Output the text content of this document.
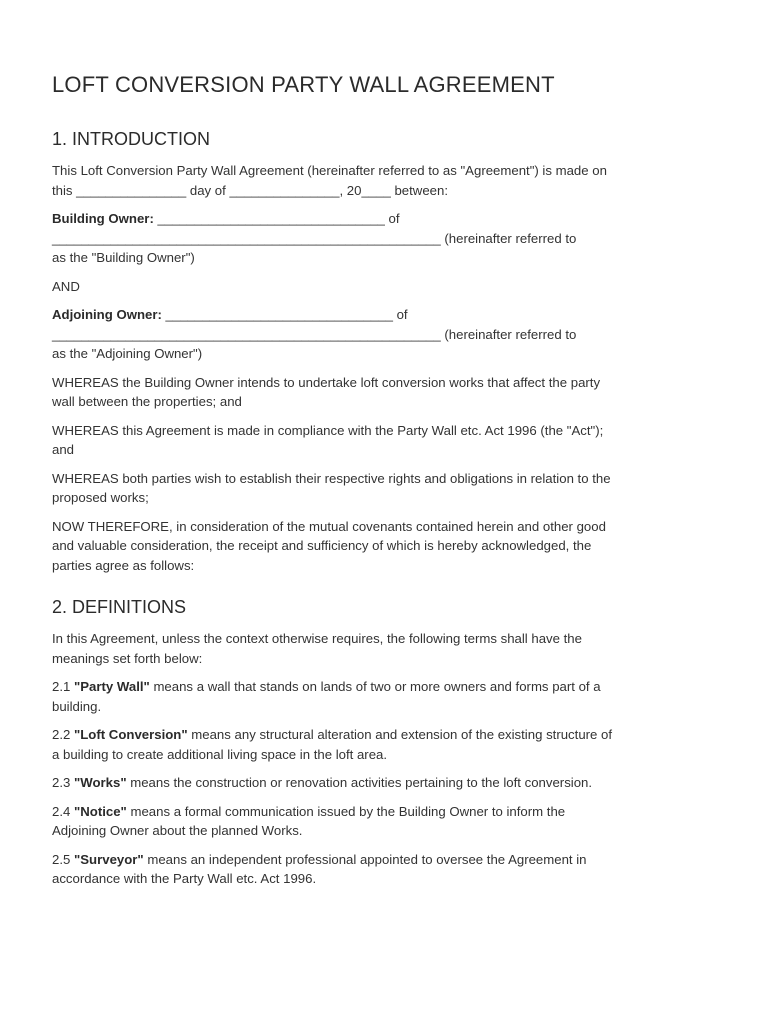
LOFT CONVERSION PARTY WALL AGREEMENT
1. INTRODUCTION

This Loft Conversion Party Wall Agreement (hereinafter referred to as "Agreement") is made on
this _______________ day of _______________, 20____ between:

Building Owner: _______________________________ of
_____________________________________________________ (hereinafter referred to
as the "Building Owner")

AND

Adjoining Owner: _______________________________ of
_____________________________________________________ (hereinafter referred to
as the "Adjoining Owner")

WHEREAS the Building Owner intends to undertake loft conversion works that affect the party
wall between the properties; and

WHEREAS this Agreement is made in compliance with the Party Wall etc. Act 1996 (the "Act");
and

WHEREAS both parties wish to establish their respective rights and obligations in relation to the
proposed works;

NOW THEREFORE, in consideration of the mutual covenants contained herein and other good
and valuable consideration, the receipt and sufficiency of which is hereby acknowledged, the
parties agree as follows:

2. DEFINITIONS

In this Agreement, unless the context otherwise requires, the following terms shall have the
meanings set forth below:

2.1 "Party Wall" means a wall that stands on lands of two or more owners and forms part of a
building.

2.2 "Loft Conversion" means any structural alteration and extension of the existing structure of
a building to create additional living space in the loft area.

2.3 "Works" means the construction or renovation activities pertaining to the loft conversion.

2.4 "Notice" means a formal communication issued by the Building Owner to inform the
Adjoining Owner about the planned Works.

2.5 "Surveyor" means an independent professional appointed to oversee the Agreement in
accordance with the Party Wall etc. Act 1996.
